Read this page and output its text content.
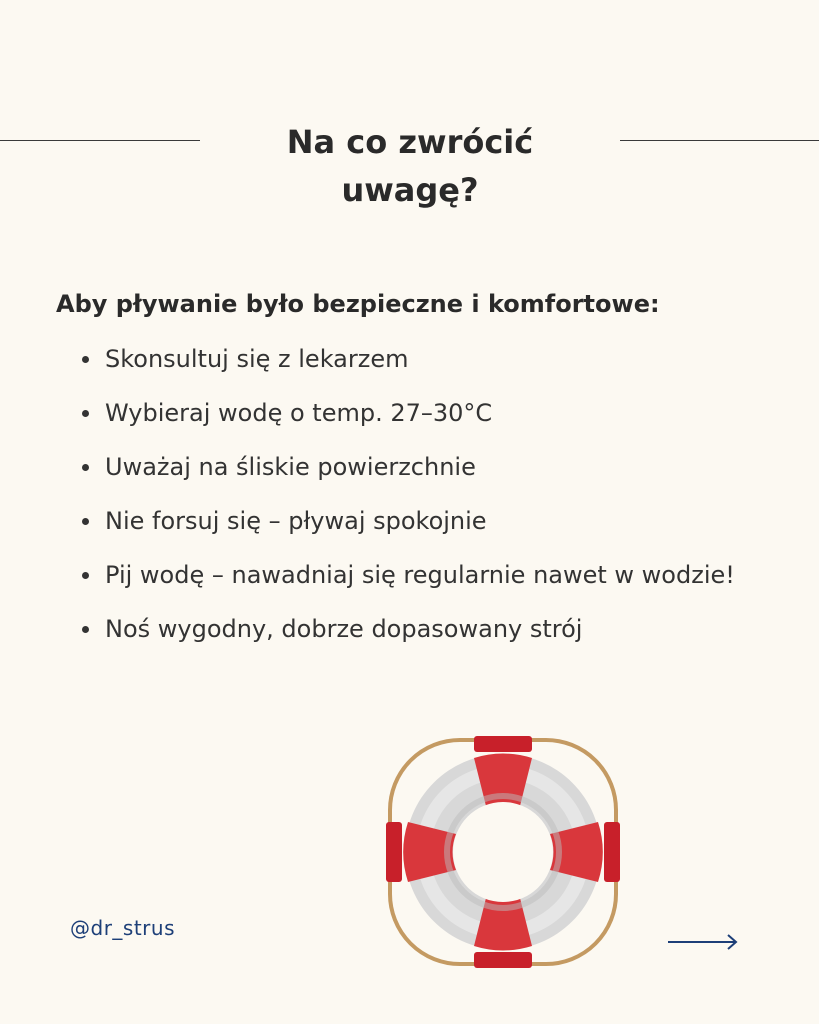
Na co zwrócić
uwagę?
Aby pływanie było bezpieczne i komfortowe:
Skonsultuj się z lekarzem
Wybieraj wodę o temp. 27–30°C
Uważaj na śliskie powierzchnie
Nie forsuj się – pływaj spokojnie
Pij wodę – nawadniaj się regularnie nawet w wodzie!
Noś wygodny, dobrze dopasowany strój
@dr_strus
